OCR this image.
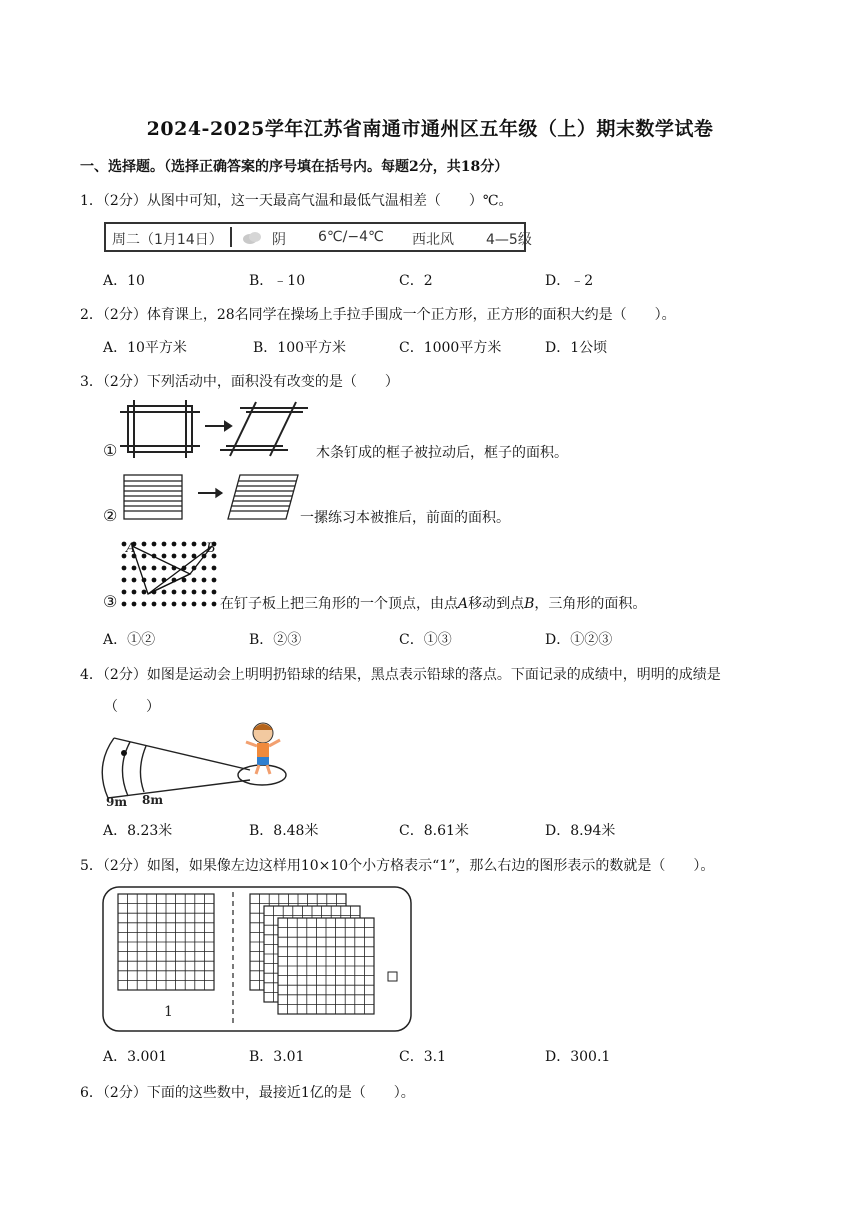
2024-2025学年江苏省南通市通州区五年级（上）期末数学试卷
一、选择题。（选择正确答案的序号填在括号内。每题2分，共18分）
1．（2分）从图中可知，这一天最高气温和最低气温相差（　　）℃。
周二（1月14日）	阴 6℃/−4℃ 西北风 4—5级
A．10	B．﹣10	C．2	D．﹣2
2．（2分）体育课上，28名同学在操场上手拉手围成一个正方形，正方形的面积大约是（　　）。
A．10平方米	B．100平方米	C．1000平方米	D．1公顷
3．（2分）下列活动中，面积没有改变的是（　　）
①	木条钉成的框子被拉动后，框子的面积。
②	一摞练习本被推后，前面的面积。
③
A	B
在钉子板上把三角形的一个顶点，由点A移动到点B，三角形的面积。
A．①②	B．②③	C．①③	D．①②③
4．（2分）如图是运动会上明明扔铅球的结果，黑点表示铅球的落点。下面记录的成绩中，明明的成绩是
（　　）
9m 8m
A．8.23米	B．8.48米	C．8.61米	D．8.94米
5．（2分）如图，如果像左边这样用10×10个小方格表示“1”，那么右边的图形表示的数就是（　　）。
1
A．3.001	B．3.01	C．3.1	D．300.1
6．（2分）下面的这些数中，最接近1亿的是（　　）。
